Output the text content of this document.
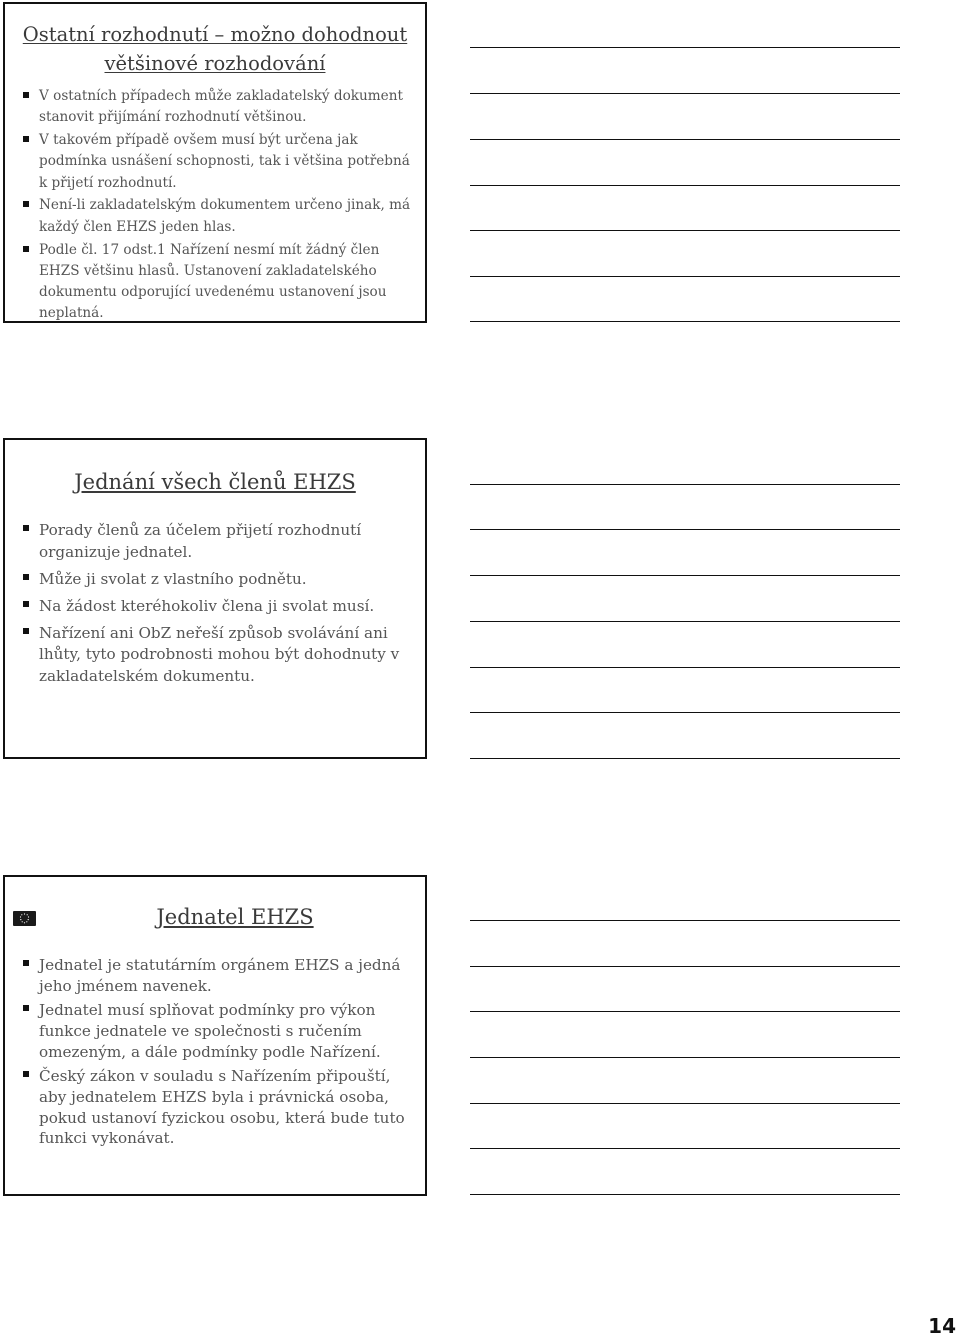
Ostatní rozhodnutí – možno dohodnout většinové rozhodování
V ostatních případech může zakladatelský dokument stanovit přijímání rozhodnutí většinou.
V takovém případě ovšem musí být určena jak podmínka usnášení schopnosti, tak i většina potřebná k přijetí rozhodnutí.
Není-li zakladatelským dokumentem určeno jinak, má každý člen EHZS jeden hlas.
Podle čl. 17 odst.1 Nařízení nesmí mít žádný člen EHZS většinu hlasů. Ustanovení zakladatelského dokumentu odporující uvedenému ustanovení jsou neplatná.
Jednání všech členů EHZS
Porady členů za účelem přijetí rozhodnutí organizuje jednatel.
Může ji svolat z vlastního podnětu.
Na žádost kteréhokoliv člena ji svolat musí.
Nařízení ani ObZ neřeší způsob svolávání ani lhůty, tyto podrobnosti mohou být dohodnuty v zakladatelském dokumentu.
Jednatel EHZS
Jednatel je statutárním orgánem EHZS a jedná jeho jménem navenek.
Jednatel musí splňovat podmínky pro výkon funkce jednatele ve společnosti s ručením omezeným, a dále podmínky podle Nařízení.
Český zákon v souladu s Nařízením připouští, aby jednatelem EHZS byla i právnická osoba, pokud ustanoví fyzickou osobu, která bude tuto funkci vykonávat.
14
